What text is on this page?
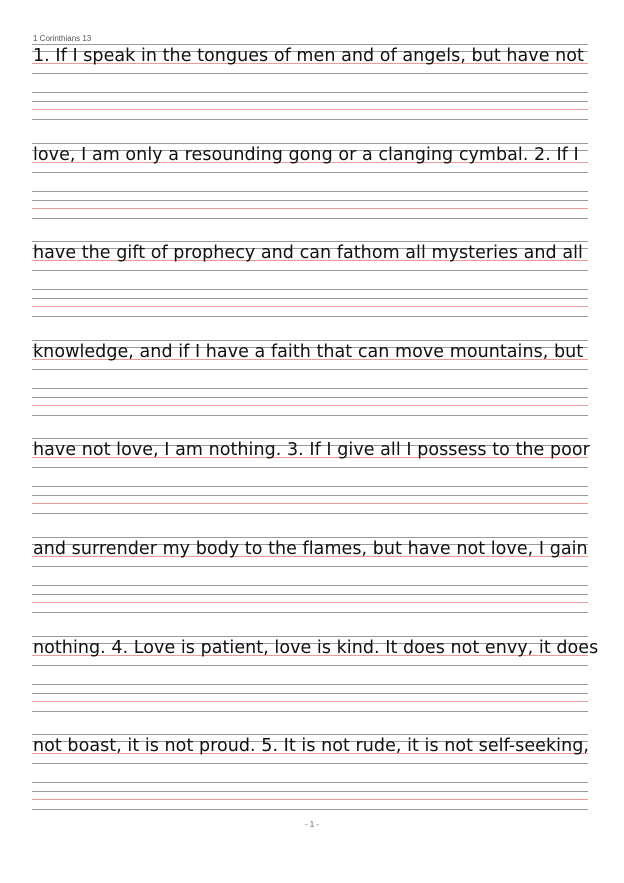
1 Corinthians 13
1. If I speak in the tongues of men and of angels, but have not
love, I am only a resounding gong or a clanging cymbal. 2. If I
have the gift of prophecy and can fathom all mysteries and all
knowledge, and if I have a faith that can move mountains, but
have not love, I am nothing. 3. If I give all I possess to the poor
and surrender my body to the flames, but have not love, I gain
nothing. 4. Love is patient, love is kind. It does not envy, it does
not boast, it is not proud. 5. It is not rude, it is not self-seeking,
- 1 -
